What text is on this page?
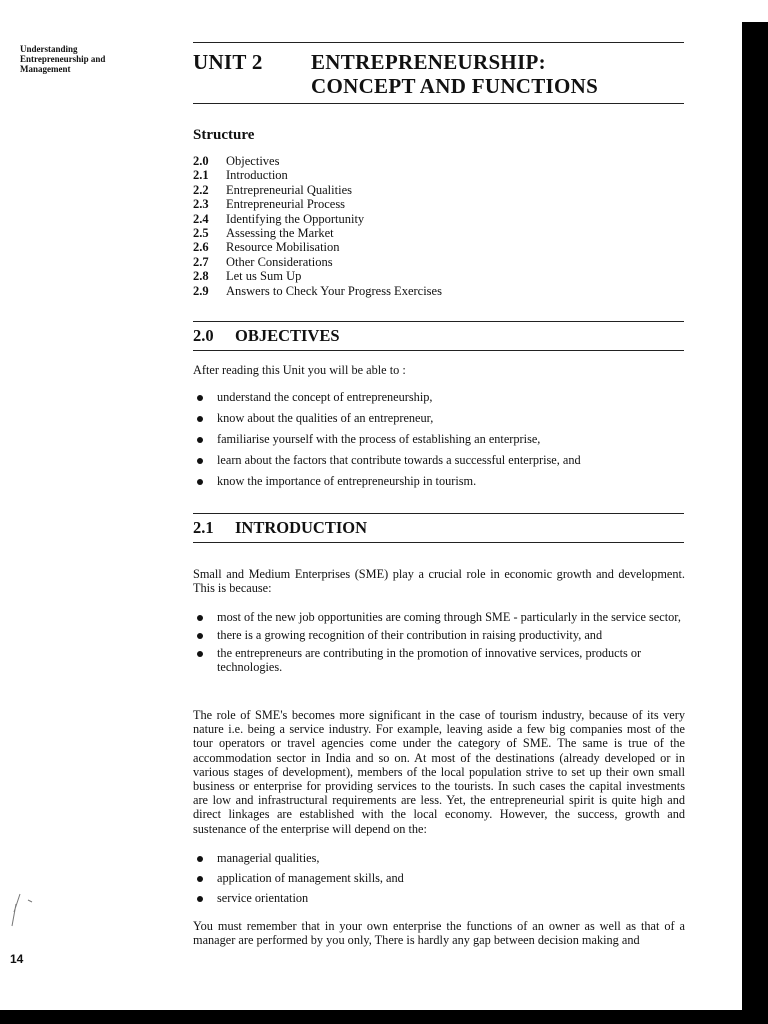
Understanding
Entrepreneurship and
Management	UNIT 2 ENTREPRENEURSHIP:
CONCEPT AND FUNCTIONS
Structure
2.0	Objectives
2.1	Introduction
2.2	Entrepreneurial Qualities
2.3	Entrepreneurial Process
2.4	Identifying the Opportunity
2.5	Assessing the Market
2.6	Resource Mobilisation
2.7	Other Considerations
2.8	Let us Sum Up
2.9	Answers to Check Your Progress Exercises
2.0 OBJECTIVES
After reading this Unit you will be able to :
understand the concept of entrepreneurship,
know about the qualities of an entrepreneur,
familiarise yourself with the process of establishing an enterprise,
learn about the factors that contribute towards a successful enterprise, and
know the importance of entrepreneurship in tourism.
2.1 INTRODUCTION
Small and Medium Enterprises (SME) play a crucial role in economic growth and development. This is because:
most of the new job opportunities are coming through SME - particularly in the service sector,
there is a growing recognition of their contribution in raising productivity, and
the entrepreneurs are contributing in the promotion of innovative services, products or technologies.
The role of SME's becomes more significant in the case of tourism industry, because of its very nature i.e. being a service industry. For example, leaving aside a few big companies most of the tour operators or travel agencies come under the category of SME. The same is true of the accommodation sector in India and so on. At most of the destinations (already developed or in various stages of development), members of the local population strive to set up their own small business or enterprise for providing services to the tourists. In such cases the capital investments are low and infrastructural requirements are less. Yet, the entrepreneurial spirit is quite high and direct linkages are established with the local economy. However, the success, growth and sustenance of the enterprise will depend on the:
managerial qualities,
application of management skills, and
service orientation
You must remember that in your own enterprise the functions of an owner as well as that of a manager are performed by you only, There is hardly any gap between decision making and
14
